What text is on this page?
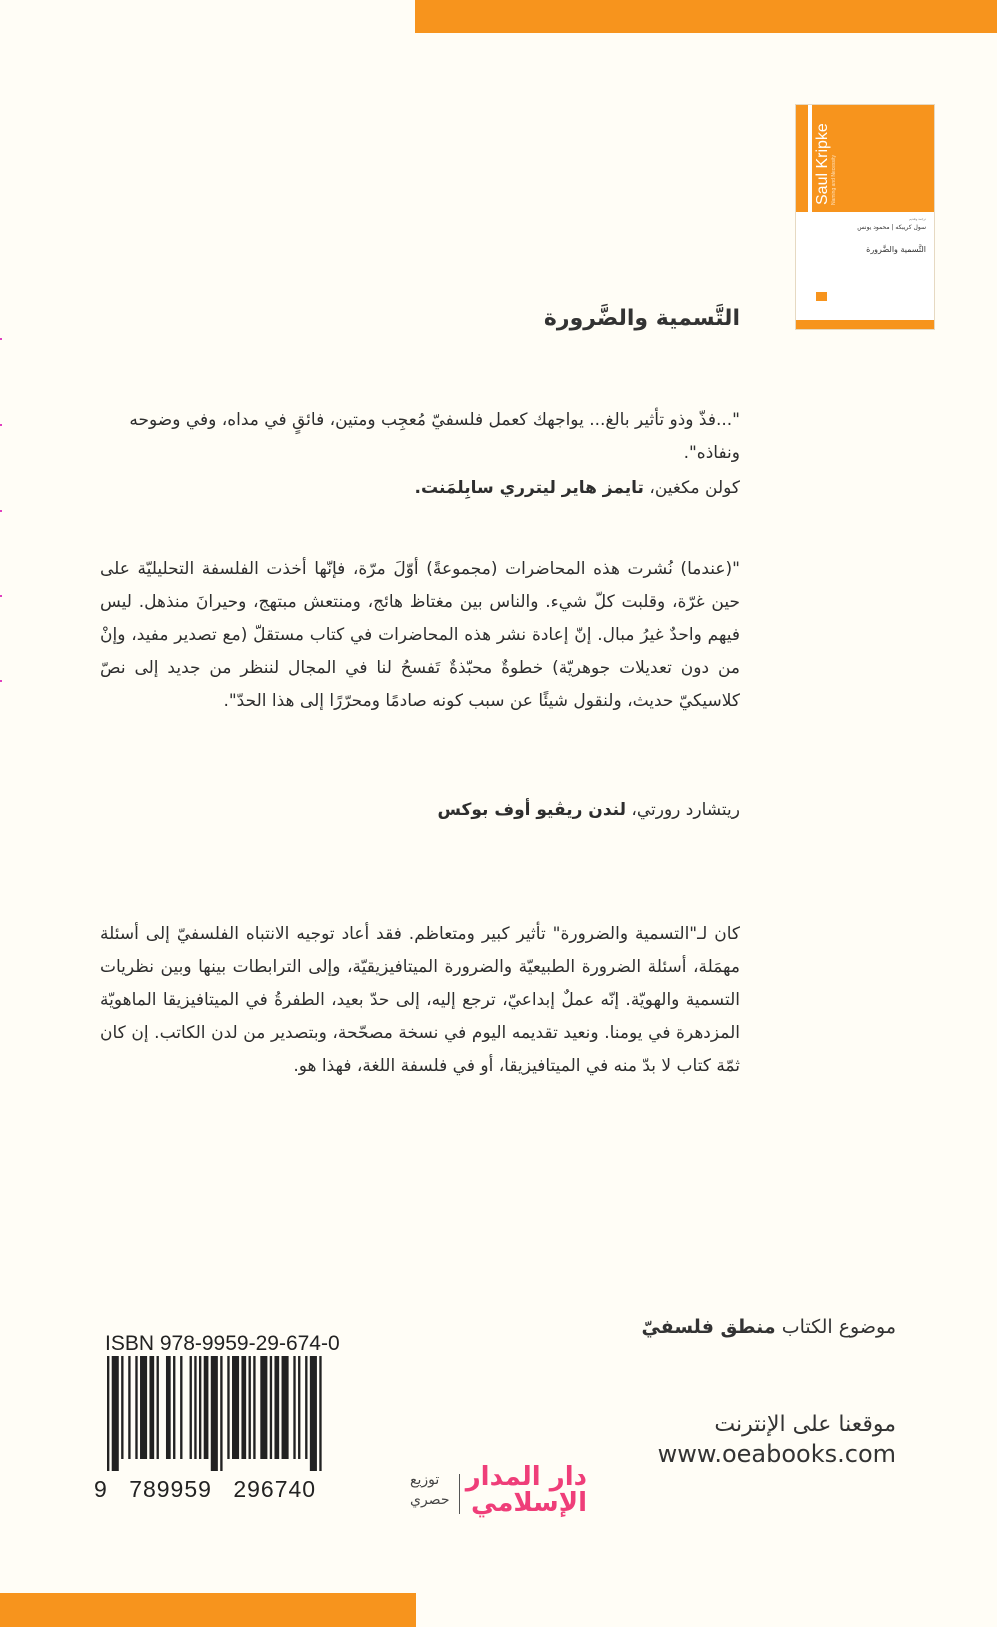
Saul Kripke Naming and Necessity
ترجمة وتقديم
سول كريبكه | محمود يونس
التَّسمية والضَّرورة
التَّسمية والضَّرورة
"...فذّ وذو تأثير بالغ... يواجهك كعمل فلسفيّ مُعجِب ومتين، فائقٍ في مداه، وفي وضوحه ونفاذه".
كولن مكغين، تايمز هاير ليترري سابِلمَنت.
"(عندما) نُشرت هذه المحاضرات (مجموعةً) أوّلَ مرّة، فإنّها أخذت الفلسفة التحليليّة على حين غرّة، وقلبت كلّ شيء. والناس بين مغتاظ هائج، ومنتعش مبتهج، وحيرانَ منذهل. ليس فيهم واحدٌ غيرُ مبال. إنّ إعادة نشر هذه المحاضرات في كتاب مستقلّ (مع تصدير مفيد، وإنْ من دون تعديلات جوهريّة) خطوةٌ محبّذةٌ تَفسحُ لنا في المجال لننظر من جديد إلى نصّ كلاسيكيّ حديث، ولنقول شيئًا عن سبب كونه صادمًا ومحرّرًا إلى هذا الحدّ".
ريتشارد رورتي، لندن ريڤيو أوف بوكس
كان لـ"التسمية والضرورة" تأثير كبير ومتعاظم. فقد أعاد توجيه الانتباه الفلسفيّ إلى أسئلة مهمَلة، أسئلة الضرورة الطبيعيّة والضرورة الميتافيزيقيّة، وإلى الترابطات بينها وبين نظريات التسمية والهويّة. إنّه عملٌ إبداعيّ، ترجع إليه، إلى حدّ بعيد، الطفرةُ في الميتافيزيقا الماهويّة المزدهرة في يومنا. ونعيد تقديمه اليوم في نسخة مصحّحة، وبتصدير من لدن الكاتب. إن كان ثمّة كتاب لا بدّ منه في الميتافيزيقا، أو في فلسفة اللغة، فهذا هو.
موضوع الكتاب منطق فلسفيّ
موقعنا على الإنترنت
www.oeabooks.com
ISBN 978-9959-29-674-0
9 789959 296740	دار المدار
الإسلامي
توزيع
حصري
